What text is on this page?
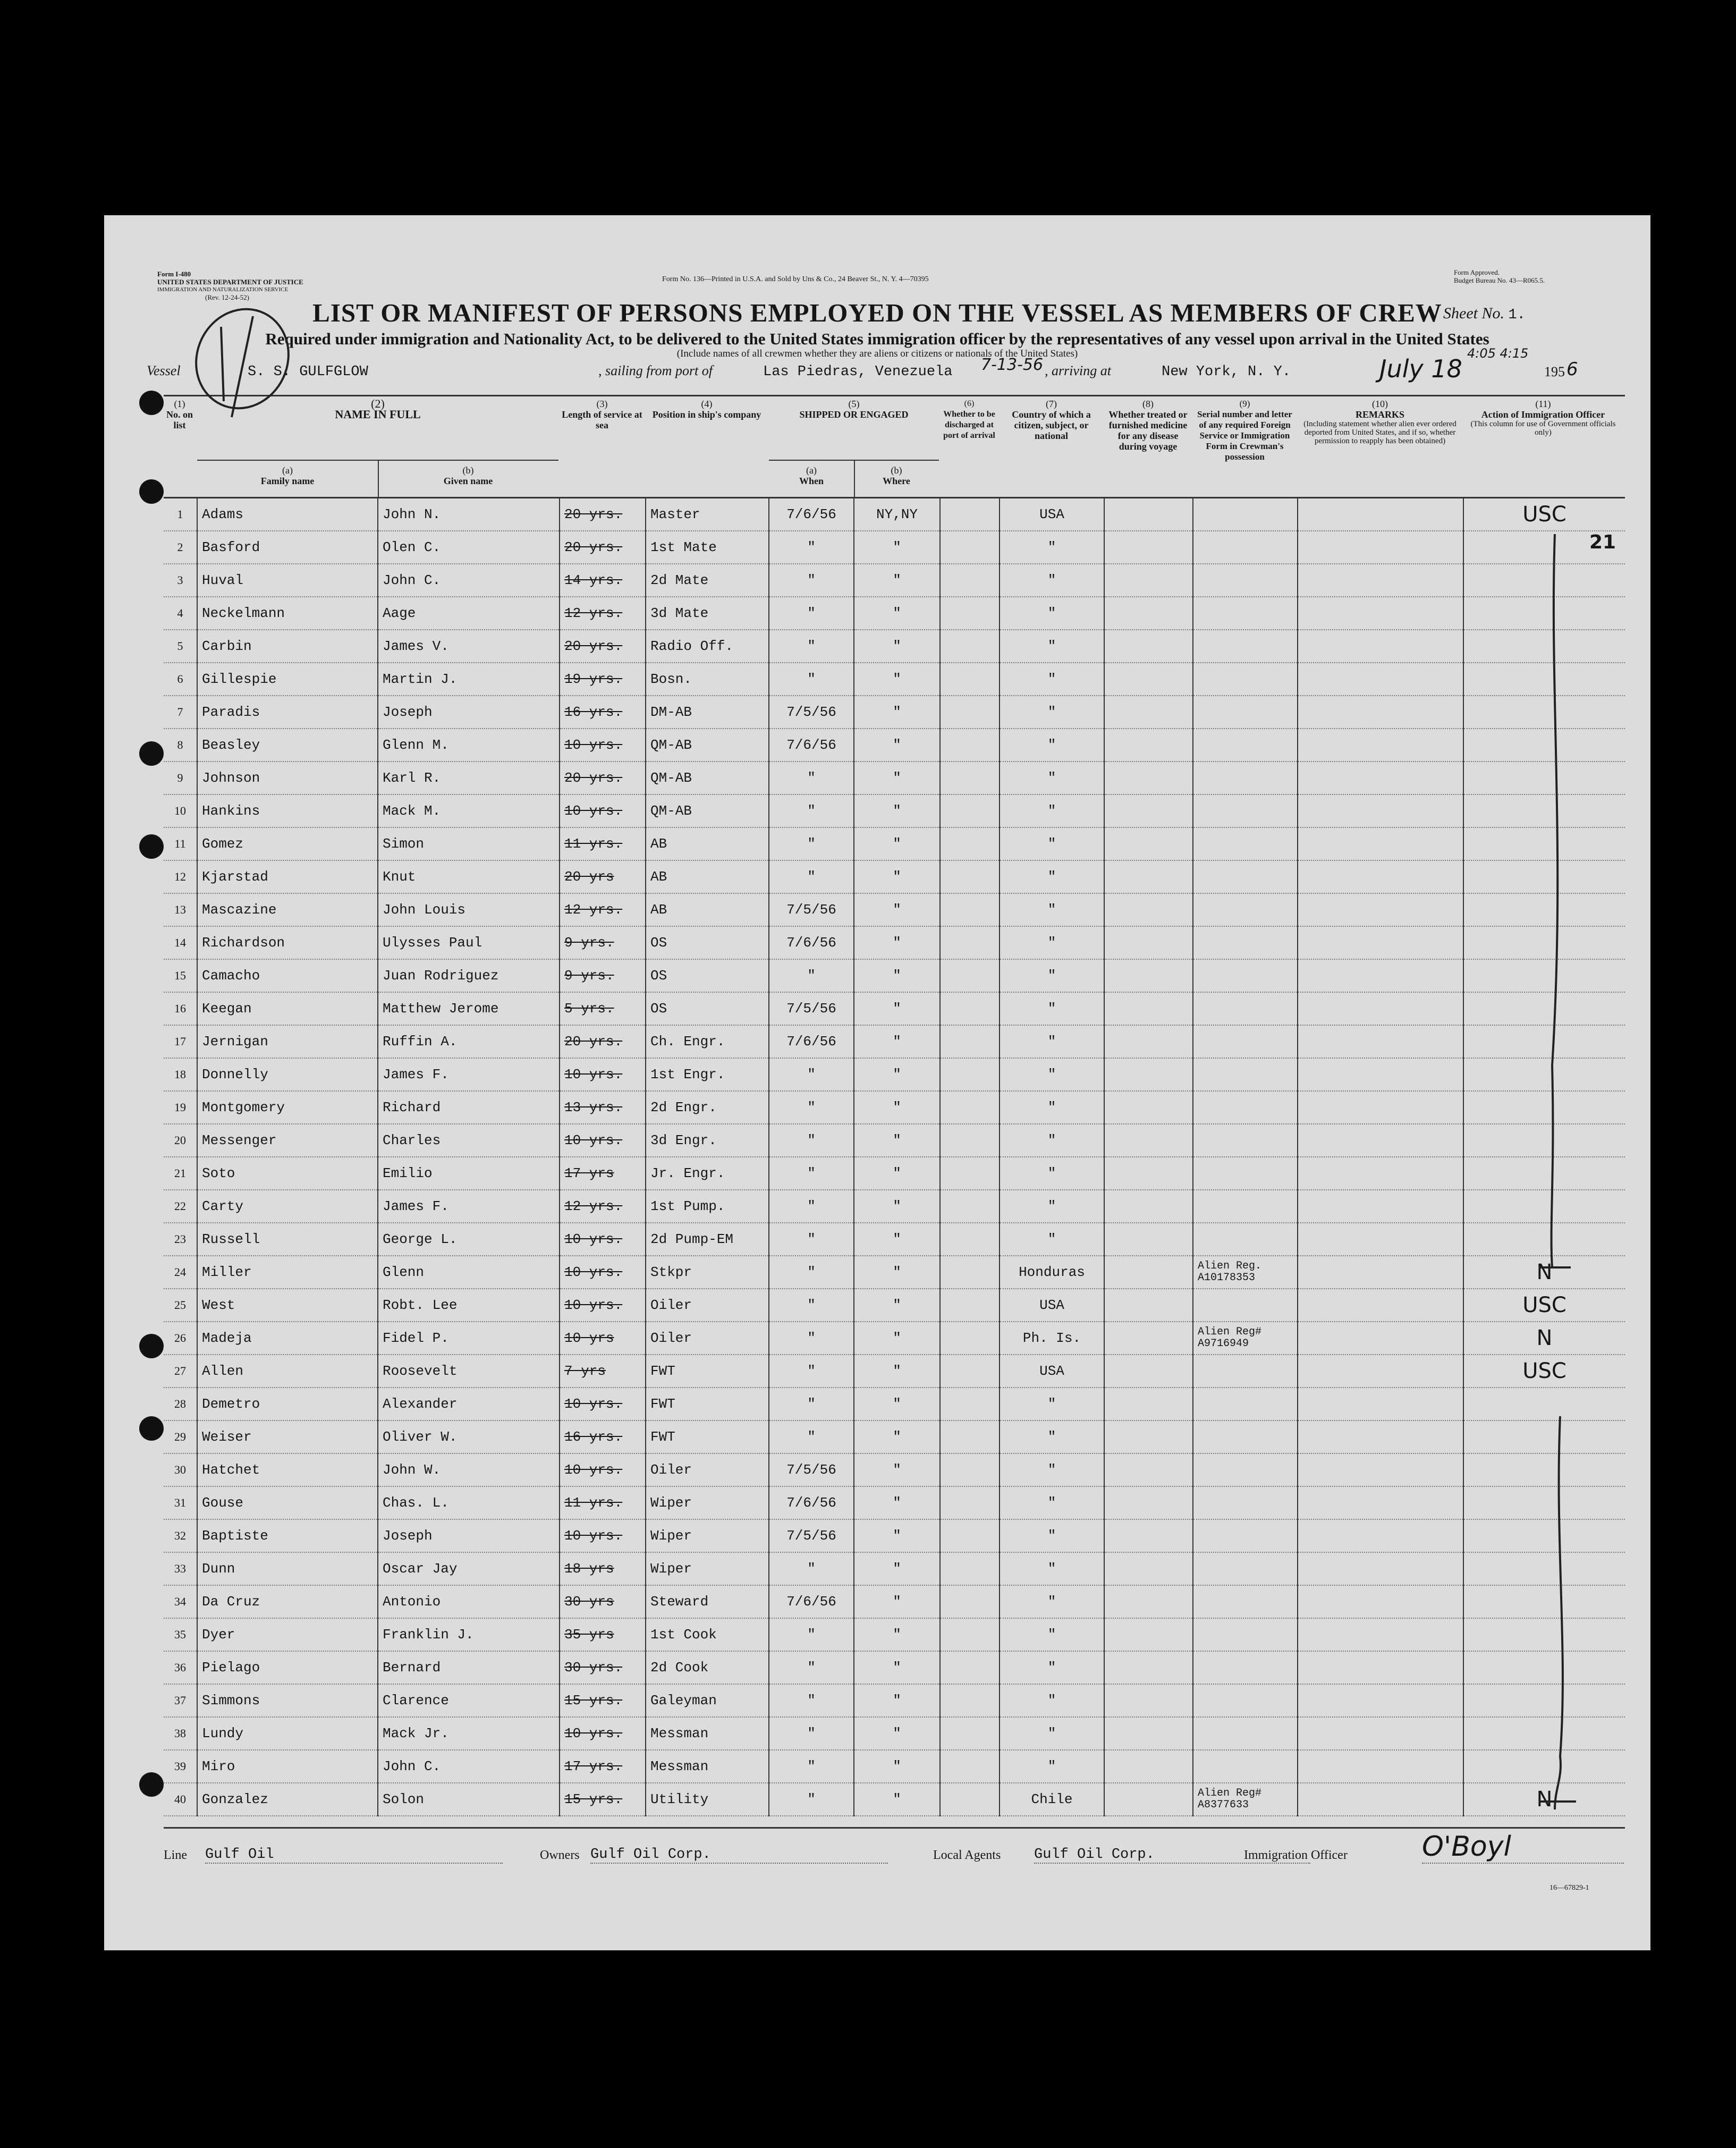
Form I-480
UNITED STATES DEPARTMENT OF JUSTICE
IMMIGRATION AND NATURALIZATION SERVICE
(Rev. 12-24-52)
Form No. 136—Printed in U.S.A. and Sold by Uns & Co., 24 Beaver St., N. Y. 4—70395
Form Approved.
Budget Bureau No. 43—R065.5.
LIST OR MANIFEST OF PERSONS EMPLOYED ON THE VESSEL AS MEMBERS OF CREW Sheet No. 1.
Required under immigration and Nationality Act, to be delivered to the United States immigration officer by the representatives of any vessel upon arrival in the United States
(Include names of all crewmen whether they are aliens or citizens or nationals of the United States)
Vessel	S. S. GULFGLOW	, sailing from port of	Las Piedras, Venezuela 7-13-56 , arriving at	New York, N. Y.	July 18	195 6
4:05 4:15
(1)
No. on list
(2)
NAME IN FULL
(a)
Family name
(b)
Given name
(3)
Length of service at sea
(4)
Position in ship's company
(5)
SHIPPED OR ENGAGED
(a)
When
(b)
Where
(6)
Whether to be discharged at port of arrival
(7)
Country of which a citizen, subject, or national
(8)
Whether treated or furnished medicine for any disease during voyage
(9)
Serial number and letter of any required Foreign Service or Immigration Form in Crewman's possession
(10)
REMARKS
(Including statement whether alien ever ordered deported from United States, and if so, whether permission to reapply has been obtained)
(11)
Action of Immigration Officer
(This column for use of Government officials only)
1	Adams	John N.	20 yrs.	Master	7/6/56	NY,NY		USA				USC
2	Basford	Olen C.	20 yrs.	1st Mate	"	"		"				
3	Huval	John C.	14 yrs.	2d Mate	"	"		"				
4	Neckelmann	Aage	12 yrs.	3d Mate	"	"		"				
5	Carbin	James V.	20 yrs.	Radio Off.	"	"		"				
6	Gillespie	Martin J.	19 yrs.	Bosn.	"	"		"				
7	Paradis	Joseph	16 yrs.	DM-AB	7/5/56	"		"				
8	Beasley	Glenn M.	10 yrs.	QM-AB	7/6/56	"		"				
9	Johnson	Karl R.	20 yrs.	QM-AB	"	"		"				
10	Hankins	Mack M.	10 yrs.	QM-AB	"	"		"				
11	Gomez	Simon	11 yrs.	AB	"	"		"				
12	Kjarstad	Knut	20 yrs	AB	"	"		"				
13	Mascazine	John Louis	12 yrs.	AB	7/5/56	"		"				
14	Richardson	Ulysses Paul	9 yrs.	OS	7/6/56	"		"				
15	Camacho	Juan Rodriguez	9 yrs.	OS	"	"		"				
16	Keegan	Matthew Jerome	5 yrs.	OS	7/5/56	"		"				
17	Jernigan	Ruffin A.	20 yrs.	Ch. Engr.	7/6/56	"		"				
18	Donnelly	James F.	10 yrs.	1st Engr.	"	"		"				
19	Montgomery	Richard	13 yrs.	2d Engr.	"	"		"				
20	Messenger	Charles	10 yrs.	3d Engr.	"	"		"				
21	Soto	Emilio	17 yrs	Jr. Engr.	"	"		"				
22	Carty	James F.	12 yrs.	1st Pump.	"	"		"				
23	Russell	George L.	10 yrs.	2d Pump-EM	"	"		"				
24	Miller	Glenn	10 yrs.	Stkpr	"	"		Honduras		Alien Reg. A10178353		N
25	West	Robt. Lee	10 yrs.	Oiler	"	"		USA				USC
26	Madeja	Fidel P.	10 yrs	Oiler	"	"		Ph. Is.		Alien Reg# A9716949		N
27	Allen	Roosevelt	7 yrs	FWT	"	"		USA				USC
28	Demetro	Alexander	10 yrs.	FWT	"	"		"				
29	Weiser	Oliver W.	16 yrs.	FWT	"	"		"				
30	Hatchet	John W.	10 yrs.	Oiler	7/5/56	"		"				
31	Gouse	Chas. L.	11 yrs.	Wiper	7/6/56	"		"				
32	Baptiste	Joseph	10 yrs.	Wiper	7/5/56	"		"				
33	Dunn	Oscar Jay	18 yrs	Wiper	"	"		"				
34	Da Cruz	Antonio	30 yrs	Steward	7/6/56	"		"				
35	Dyer	Franklin J.	35 yrs	1st Cook	"	"		"				
36	Pielago	Bernard	30 yrs.	2d Cook	"	"		"				
37	Simmons	Clarence	15 yrs.	Galeyman	"	"		"				
38	Lundy	Mack Jr.	10 yrs.	Messman	"	"		"				
39	Miro	John C.	17 yrs.	Messman	"	"		"				
40	Gonzalez	Solon	15 yrs.	Utility	"	"		Chile		Alien Reg# A8377633		N
21
Line Gulf Oil	Owners Gulf Oil Corp.	Local Agents Gulf Oil Corp.	Immigration Officer	O'Boyl
16—67829-1
